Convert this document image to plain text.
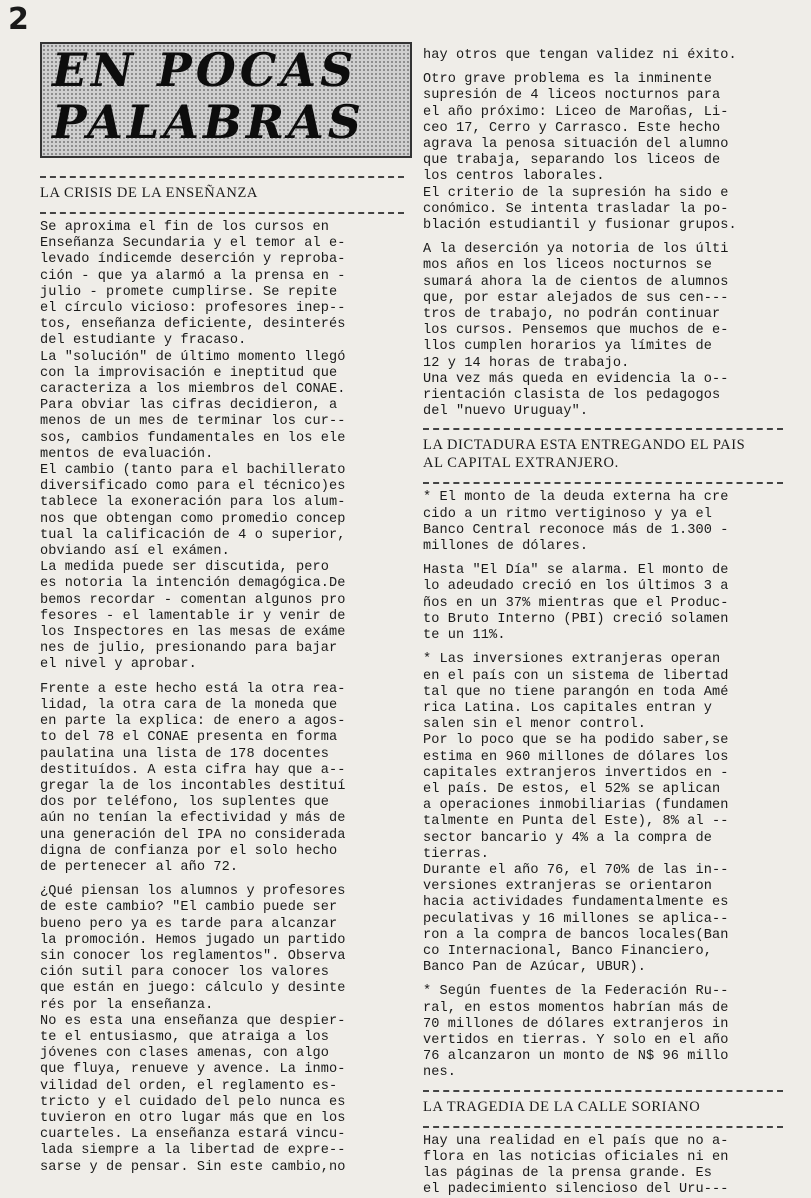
2
EN POCAS
PALABRAS
LA CRISIS DE LA ENSEÑANZA

Se aproxima el fin de los cursos en
Enseñanza Secundaria y el temor al e-
levado índicemde deserción y reproba-
ción - que ya alarmó a la prensa en -
julio - promete cumplirse. Se repite
el círculo vicioso: profesores inep--
tos, enseñanza deficiente, desinterés
del estudiante y fracaso.

La "solución" de último momento llegó
con la improvisación e ineptitud que
caracteriza a los miembros del CONAE.
Para obviar las cifras decidieron, a
menos de un mes de terminar los cur--
sos, cambios fundamentales en los ele
mentos de evaluación.

El cambio (tanto para el bachillerato
diversificado como para el técnico)es
tablece la exoneración para los alum-
nos que obtengan como promedio concep
tual la calificación de 4 o superior,
obviando así el exámen.

La medida puede ser discutida, pero
es notoria la intención demagógica.De
bemos recordar - comentan algunos pro
fesores - el lamentable ir y venir de
los Inspectores en las mesas de exáme
nes de julio, presionando para bajar
el nivel y aprobar.

Frente a este hecho está la otra rea-
lidad, la otra cara de la moneda que
en parte la explica: de enero a agos-
to del 78 el CONAE presenta en forma
paulatina una lista de 178 docentes
destituídos. A esta cifra hay que a--
gregar la de los incontables destituí
dos por teléfono, los suplentes que
aún no tenían la efectividad y más de
una generación del IPA no considerada
digna de confianza por el solo hecho
de pertenecer al año 72.

¿Qué piensan los alumnos y profesores
de este cambio? "El cambio puede ser
bueno pero ya es tarde para alcanzar
la promoción. Hemos jugado un partido
sin conocer los reglamentos". Observa
ción sutil para conocer los valores
que están en juego: cálculo y desinte
rés por la enseñanza.

No es esta una enseñanza que despier-
te el entusiasmo, que atraiga a los
jóvenes con clases amenas, con algo
que fluya, renueve y avence. La inmo-
vilidad del orden, el reglamento es-
tricto y el cuidado del pelo nunca es
tuvieron en otro lugar más que en los
cuarteles. La enseñanza estará vincu-
lada siempre a la libertad de expre--
sarse y de pensar. Sin este cambio,no

hay otros que tengan validez ni éxito.

Otro grave problema es la inminente
supresión de 4 liceos nocturnos para
el año próximo: Liceo de Maroñas, Li-
ceo 17, Cerro y Carrasco. Este hecho
agrava la penosa situación del alumno
que trabaja, separando los liceos de
los centros laborales.

El criterio de la supresión ha sido e
conómico. Se intenta trasladar la po-
blación estudiantil y fusionar grupos.

A la deserción ya notoria de los últi
mos años en los liceos nocturnos se
sumará ahora la de cientos de alumnos
que, por estar alejados de sus cen---
tros de trabajo, no podrán continuar
los cursos. Pensemos que muchos de e-
llos cumplen horarios ya límites de
12 y 14 horas de trabajo.

Una vez más queda en evidencia la o--
rientación clasista de los pedagogos
del "nuevo Uruguay".

LA DICTADURA ESTA ENTREGANDO EL PAIS
AL CAPITAL EXTRANJERO.

* El monto de la deuda externa ha cre
cido a un ritmo vertiginoso y ya el
Banco Central reconoce más de 1.300 -
millones de dólares.

Hasta "El Día" se alarma. El monto de
lo adeudado creció en los últimos 3 a
ños en un 37% mientras que el Produc-
to Bruto Interno (PBI) creció solamen
te un 11%.

* Las inversiones extranjeras operan
en el país con un sistema de libertad
tal que no tiene parangón en toda Amé
rica Latina. Los capitales entran y
salen sin el menor control.

Por lo poco que se ha podido saber,se
estima en 960 millones de dólares los
capitales extranjeros invertidos en -
el país. De estos, el 52% se aplican
a operaciones inmobiliarias (fundamen
talmente en Punta del Este), 8% al --
sector bancario y 4% a la compra de
tierras.

Durante el año 76, el 70% de las in--
versiones extranjeras se orientaron
hacia actividades fundamentalmente es
peculativas y 16 millones se aplica--
ron a la compra de bancos locales(Ban
co Internacional, Banco Financiero,
Banco Pan de Azúcar, UBUR).

* Según fuentes de la Federación Ru--
ral, en estos momentos habrían más de
70 millones de dólares extranjeros in
vertidos en tierras. Y solo en el año
76 alcanzaron un monto de N$ 96 millo
nes.

LA TRAGEDIA DE LA CALLE SORIANO

Hay una realidad en el país que no a-
flora en las noticias oficiales ni en
las páginas de la prensa grande. Es
el padecimiento silencioso del Uru---
